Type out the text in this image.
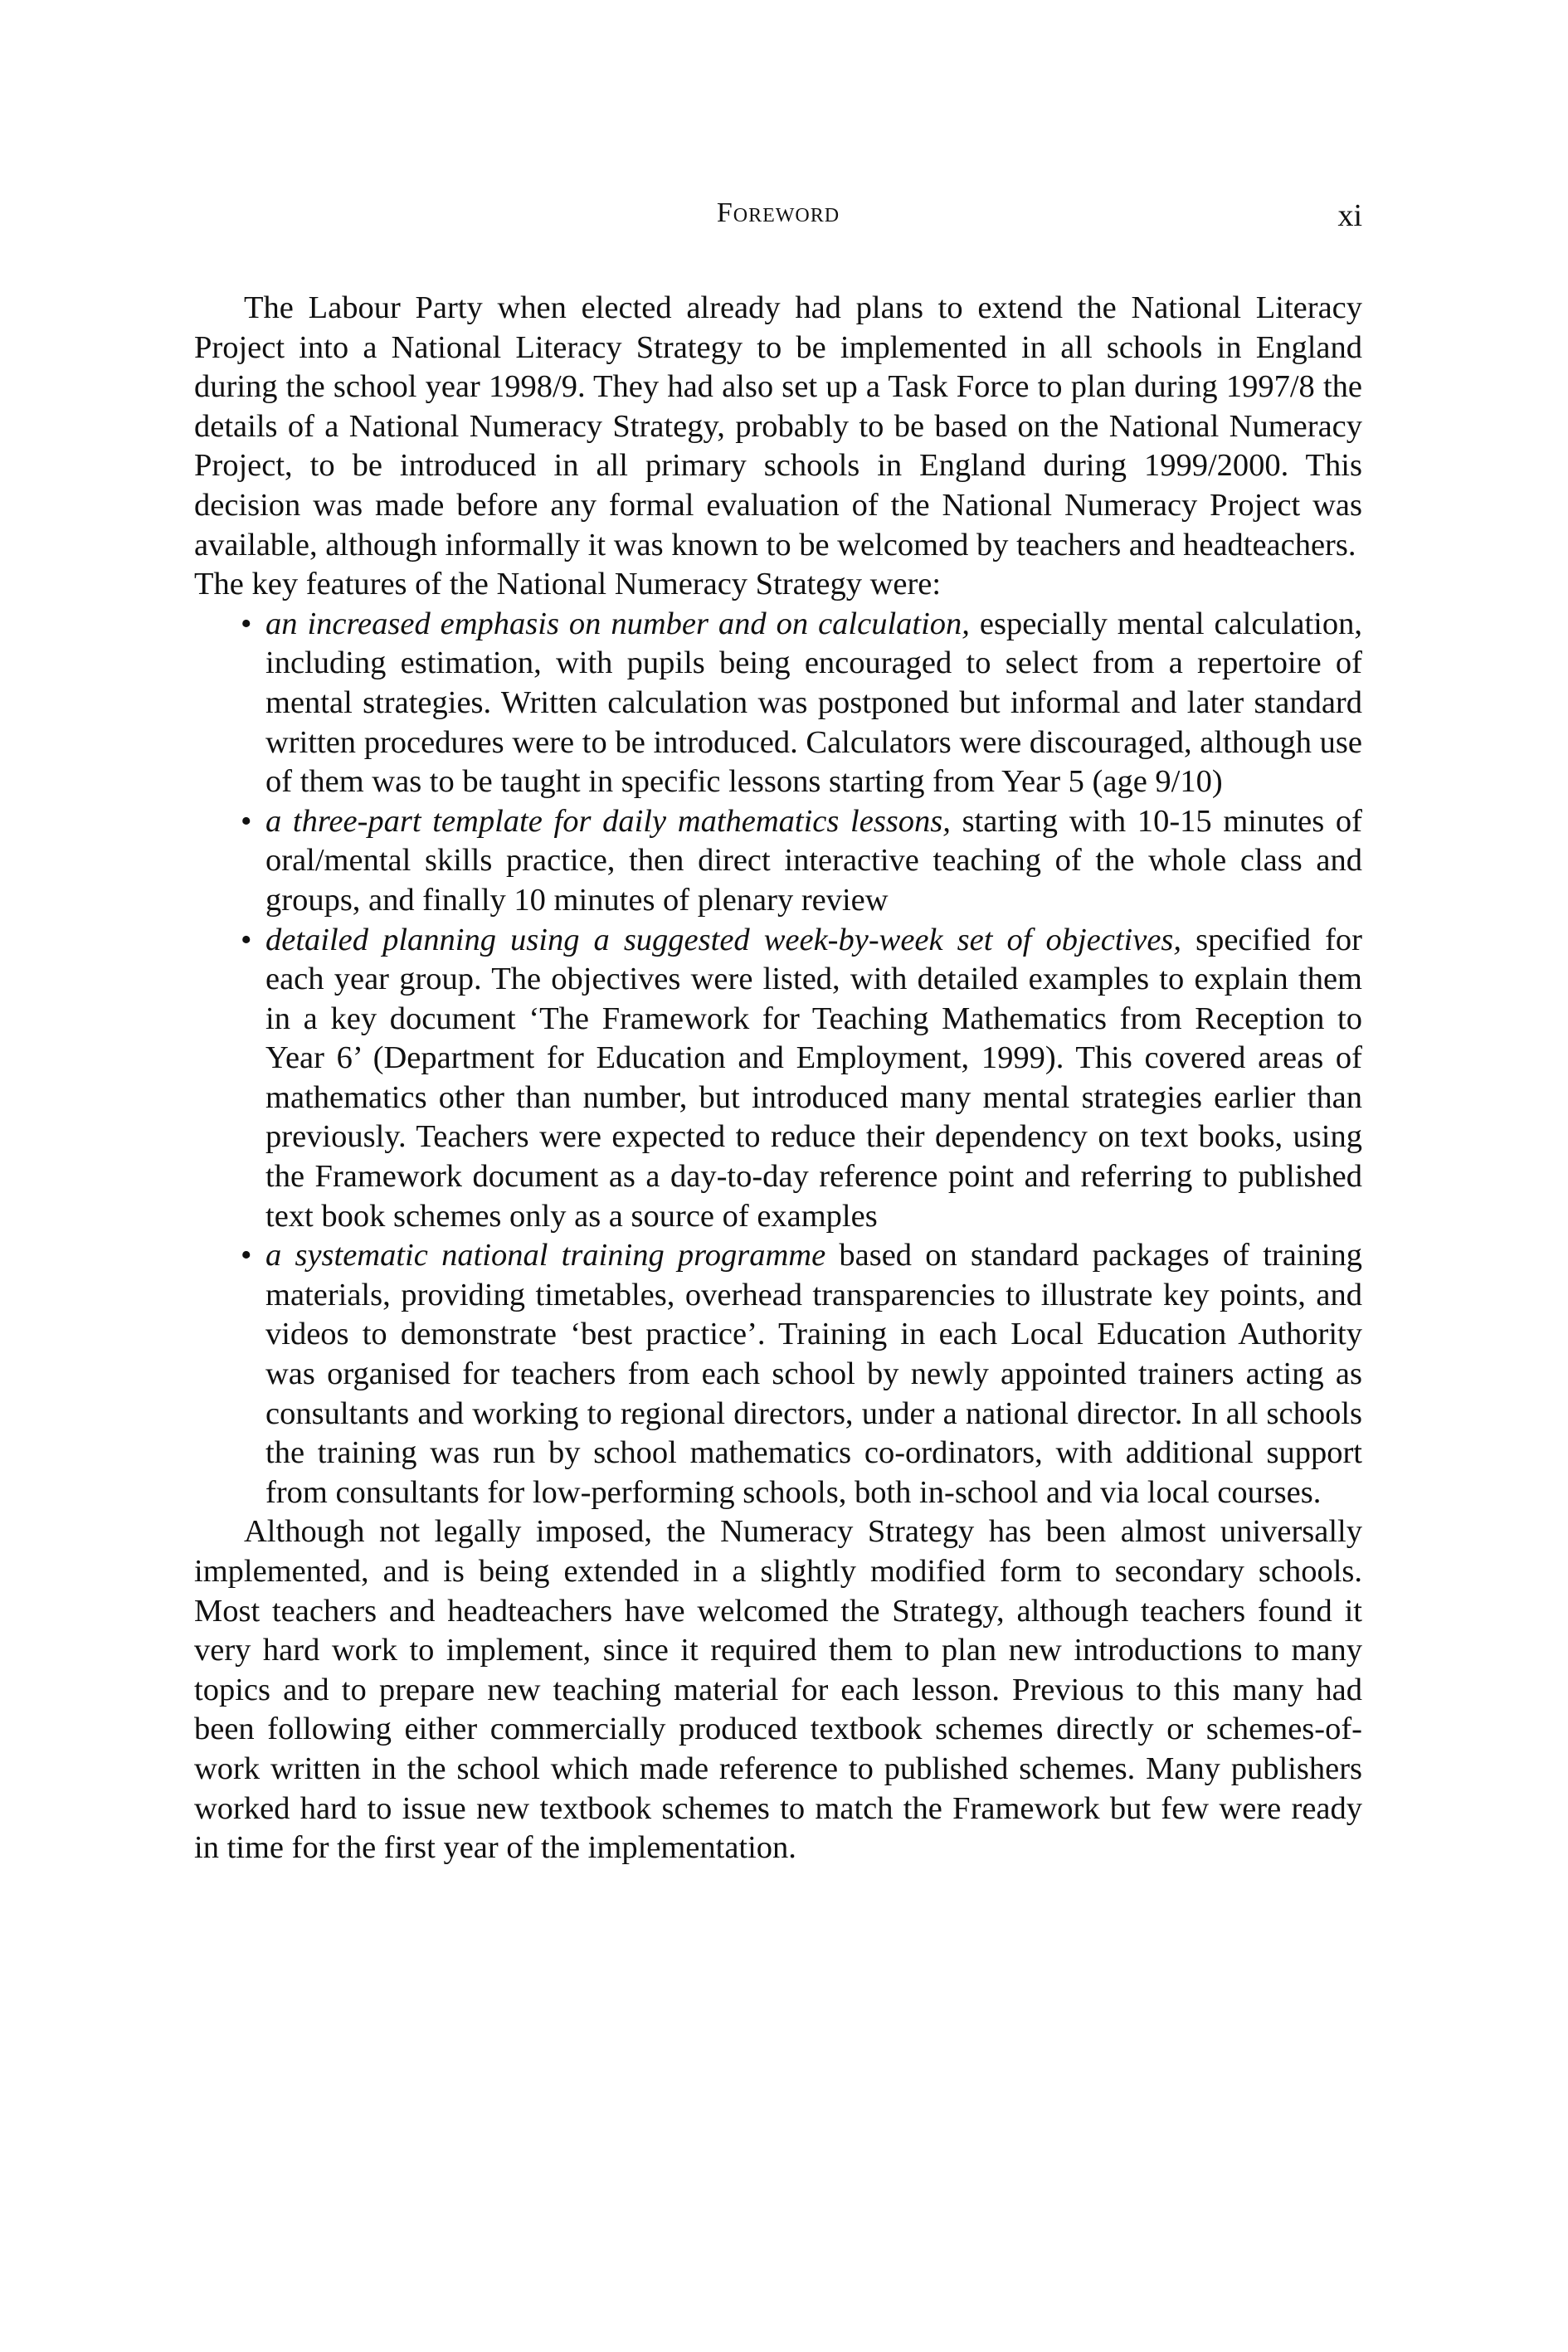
Foreword	xi

The Labour Party when elected already had plans to extend the National Literacy Project into a National Literacy Strategy to be implemented in all schools in England during the school year 1998/9. They had also set up a Task Force to plan during 1997/8 the details of a National Numeracy Strategy, probably to be based on the National Numeracy Project, to be introduced in all primary schools in England during 1999/2000. This decision was made before any formal evaluation of the National Numeracy Project was available, although informally it was known to be welcomed by teachers and headteachers.

The key features of the National Numeracy Strategy were:

• an increased emphasis on number and on calculation, especially mental calculation, including estimation, with pupils being encouraged to select from a repertoire of mental strategies. Written calculation was postponed but informal and later standard written procedures were to be introduced. Calculators were discouraged, although use of them was to be taught in specific lessons starting from Year 5 (age 9/10)
• a three-part template for daily mathematics lessons, starting with 10-15 minutes of oral/mental skills practice, then direct interactive teaching of the whole class and groups, and finally 10 minutes of plenary review
• detailed planning using a suggested week-by-week set of objectives, specified for each year group. The objectives were listed, with detailed examples to explain them in a key document ‘The Framework for Teaching Mathematics from Reception to Year 6’ (Department for Education and Employment, 1999). This covered areas of mathematics other than number, but introduced many mental strategies earlier than previously. Teachers were expected to reduce their dependency on text books, using the Framework document as a day-to-day reference point and referring to published text book schemes only as a source of examples
• a systematic national training programme based on standard packages of training materials, providing timetables, overhead transparencies to illustrate key points, and videos to demonstrate ‘best practice’. Training in each Local Education Authority was organised for teachers from each school by newly appointed trainers acting as consultants and working to regional directors, under a national director. In all schools the training was run by school mathematics co-ordinators, with additional support from consultants for low-performing schools, both in-school and via local courses.

Although not legally imposed, the Numeracy Strategy has been almost universally implemented, and is being extended in a slightly modified form to secondary schools. Most teachers and headteachers have welcomed the Strategy, although teachers found it very hard work to implement, since it required them to plan new introductions to many topics and to prepare new teaching material for each lesson. Previous to this many had been following either commercially produced textbook schemes directly or schemes-of-work written in the school which made reference to published schemes. Many publishers worked hard to issue new textbook schemes to match the Framework but few were ready in time for the first year of the implementation.
